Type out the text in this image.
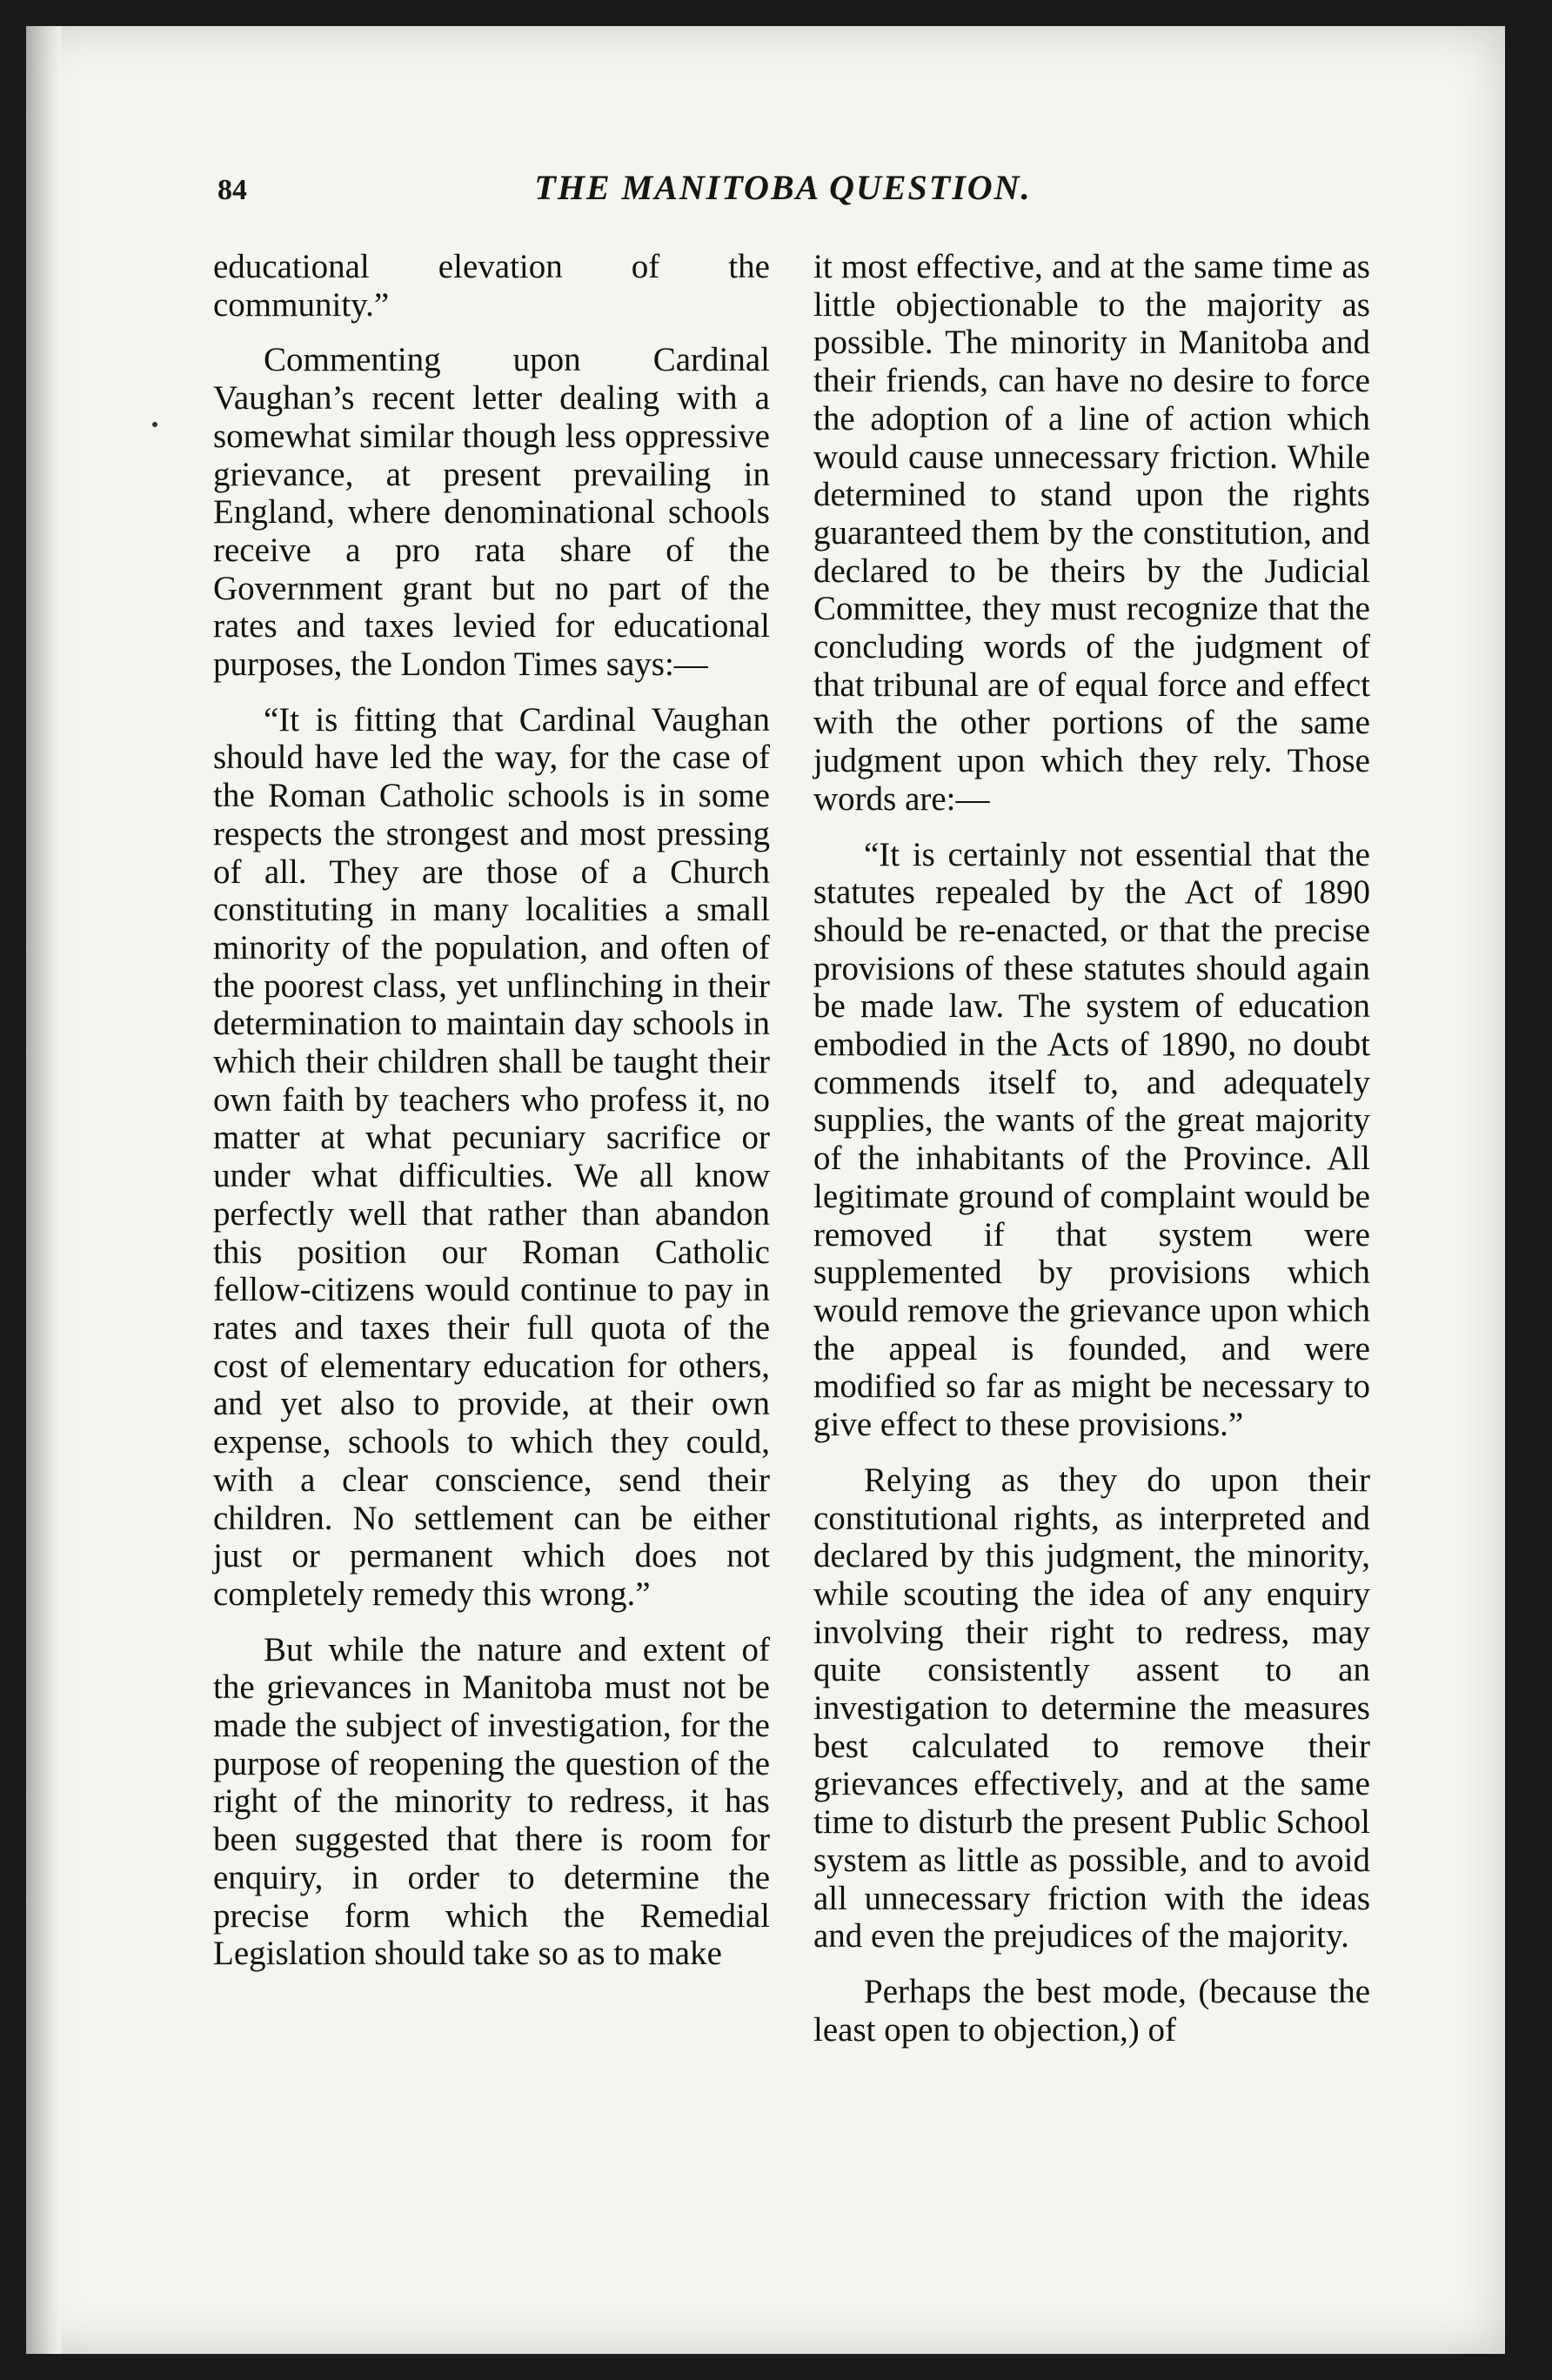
84	THE MANITOBA QUESTION.

educational elevation of the community.”

Commenting upon Cardinal Vaughan’s recent letter dealing with a somewhat similar though less oppressive grievance, at present prevailing in England, where denominational schools receive a pro rata share of the Government grant but no part of the rates and taxes levied for educational purposes, the London Times says:—

“It is fitting that Cardinal Vaughan should have led the way, for the case of the Roman Catholic schools is in some respects the strongest and most pressing of all. They are those of a Church constituting in many localities a small minority of the population, and often of the poorest class, yet unflinching in their determination to maintain day schools in which their children shall be taught their own faith by teachers who profess it, no matter at what pecuniary sacrifice or under what difficulties. We all know perfectly well that rather than abandon this position our Roman Catholic fellow-citizens would continue to pay in rates and taxes their full quota of the cost of elementary education for others, and yet also to provide, at their own expense, schools to which they could, with a clear conscience, send their children. No settlement can be either just or permanent which does not completely remedy this wrong.”

But while the nature and extent of the grievances in Manitoba must not be made the subject of investigation, for the purpose of reopening the question of the right of the minority to redress, it has been suggested that there is room for enquiry, in order to determine the precise form which the Remedial Legislation should take so as to make

it most effective, and at the same time as little objectionable to the majority as possible. The minority in Manitoba and their friends, can have no desire to force the adoption of a line of action which would cause unnecessary friction. While determined to stand upon the rights guaranteed them by the constitution, and declared to be theirs by the Judicial Committee, they must recognize that the concluding words of the judgment of that tribunal are of equal force and effect with the other portions of the same judgment upon which they rely. Those words are:—

“It is certainly not essential that the statutes repealed by the Act of 1890 should be re-enacted, or that the precise provisions of these statutes should again be made law. The system of education embodied in the Acts of 1890, no doubt commends itself to, and adequately supplies, the wants of the great majority of the inhabitants of the Province. All legitimate ground of complaint would be removed if that system were supplemented by provisions which would remove the grievance upon which the appeal is founded, and were modified so far as might be necessary to give effect to these provisions.”

Relying as they do upon their constitutional rights, as interpreted and declared by this judgment, the minority, while scouting the idea of any enquiry involving their right to redress, may quite consistently assent to an investigation to determine the measures best calculated to remove their grievances effectively, and at the same time to disturb the present Public School system as little as possible, and to avoid all unnecessary friction with the ideas and even the prejudices of the majority.

Perhaps the best mode, (because the least open to objection,) of
